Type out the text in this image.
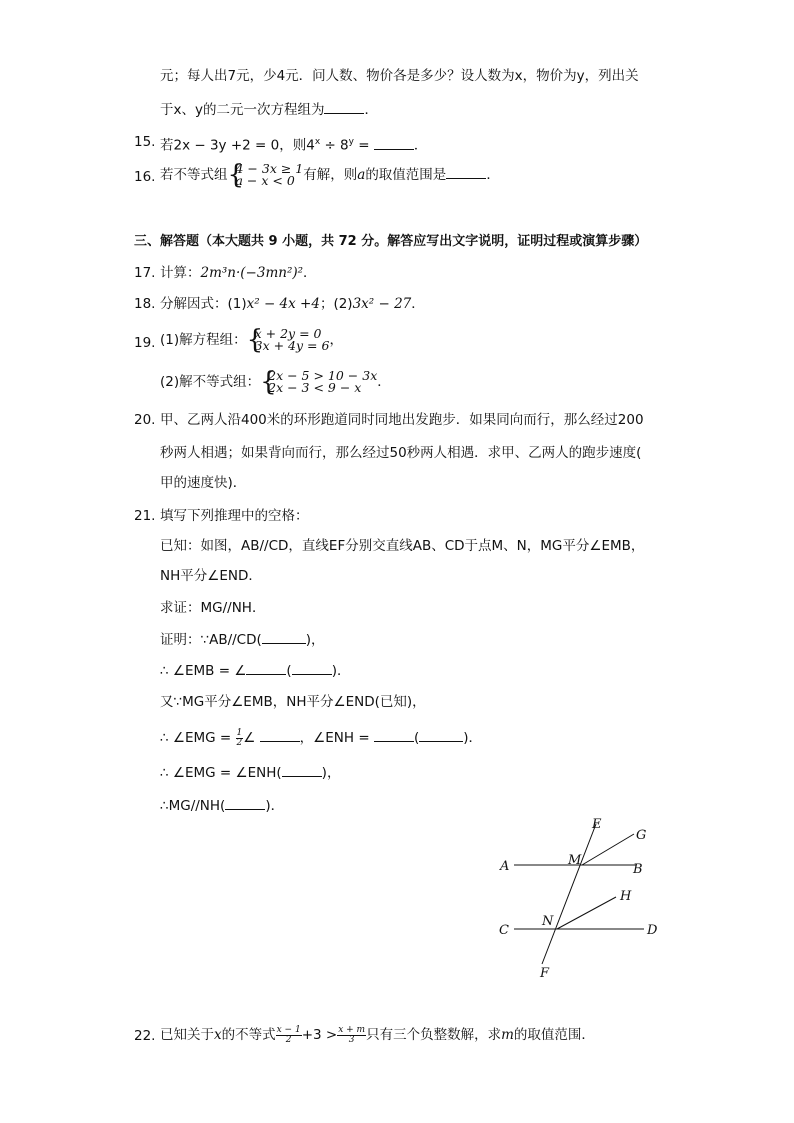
元；每人出7元，少4元．问人数、物价各是多少？设人数为x，物价为y，列出关
于x、y的二元一次方程组为	．
15. 若2x − 3y +2 = 0，则$4^x \div 8^y$ =	．
16. 若不等式组 {
4 − 3x ≥ 1
a − x < 0 有解，则a的取值范围是	．
三、解答题（本大题共 9 小题，共 72 分。解答应写出文字说明，证明过程或演算步骤）
17. 计算：2m³n·(−3mn²)²．
18. 分解因式：(1)x² − 4x +4；(2)3x² − 27．
19. (1)解方程组： {
x + 2y = 0
3x + 4y = 6 ，
(2)解不等式组： {
2x − 5 > 10 − 3x
2x − 3 < 9 − x	．
20. 甲、乙两人沿400米的环形跑道同时同地出发跑步．如果同向而行，那么经过200
秒两人相遇；如果背向而行，那么经过50秒两人相遇．求甲、乙两人的跑步速度(
甲的速度快)．
21. 填写下列推理中的空格：
已知：如图，AB//CD，直线EF分别交直线AB、CD于点M、N，MG平分∠EMB，
NH平分∠END．
求证：MG//NH．
证明：∵AB//CD(	)，
∴ ∠EMB = ∠	(	)．
又∵MG平分∠EMB，NH平分∠END(已知)，
∴ ∠EMG = $\frac{1}{2}$ ∠	，∠ENH =	(	)．
∴ ∠EMG = ∠ENH(	)，
∴MG//NH(	)．
E
G
M
A	B
H
N
C	D
F
22. 已知关于x的不等式 $\frac{x - 1}{2} +3 > \frac{x + m}{3}$ 只有三个负整数解，求m的取值范围．
